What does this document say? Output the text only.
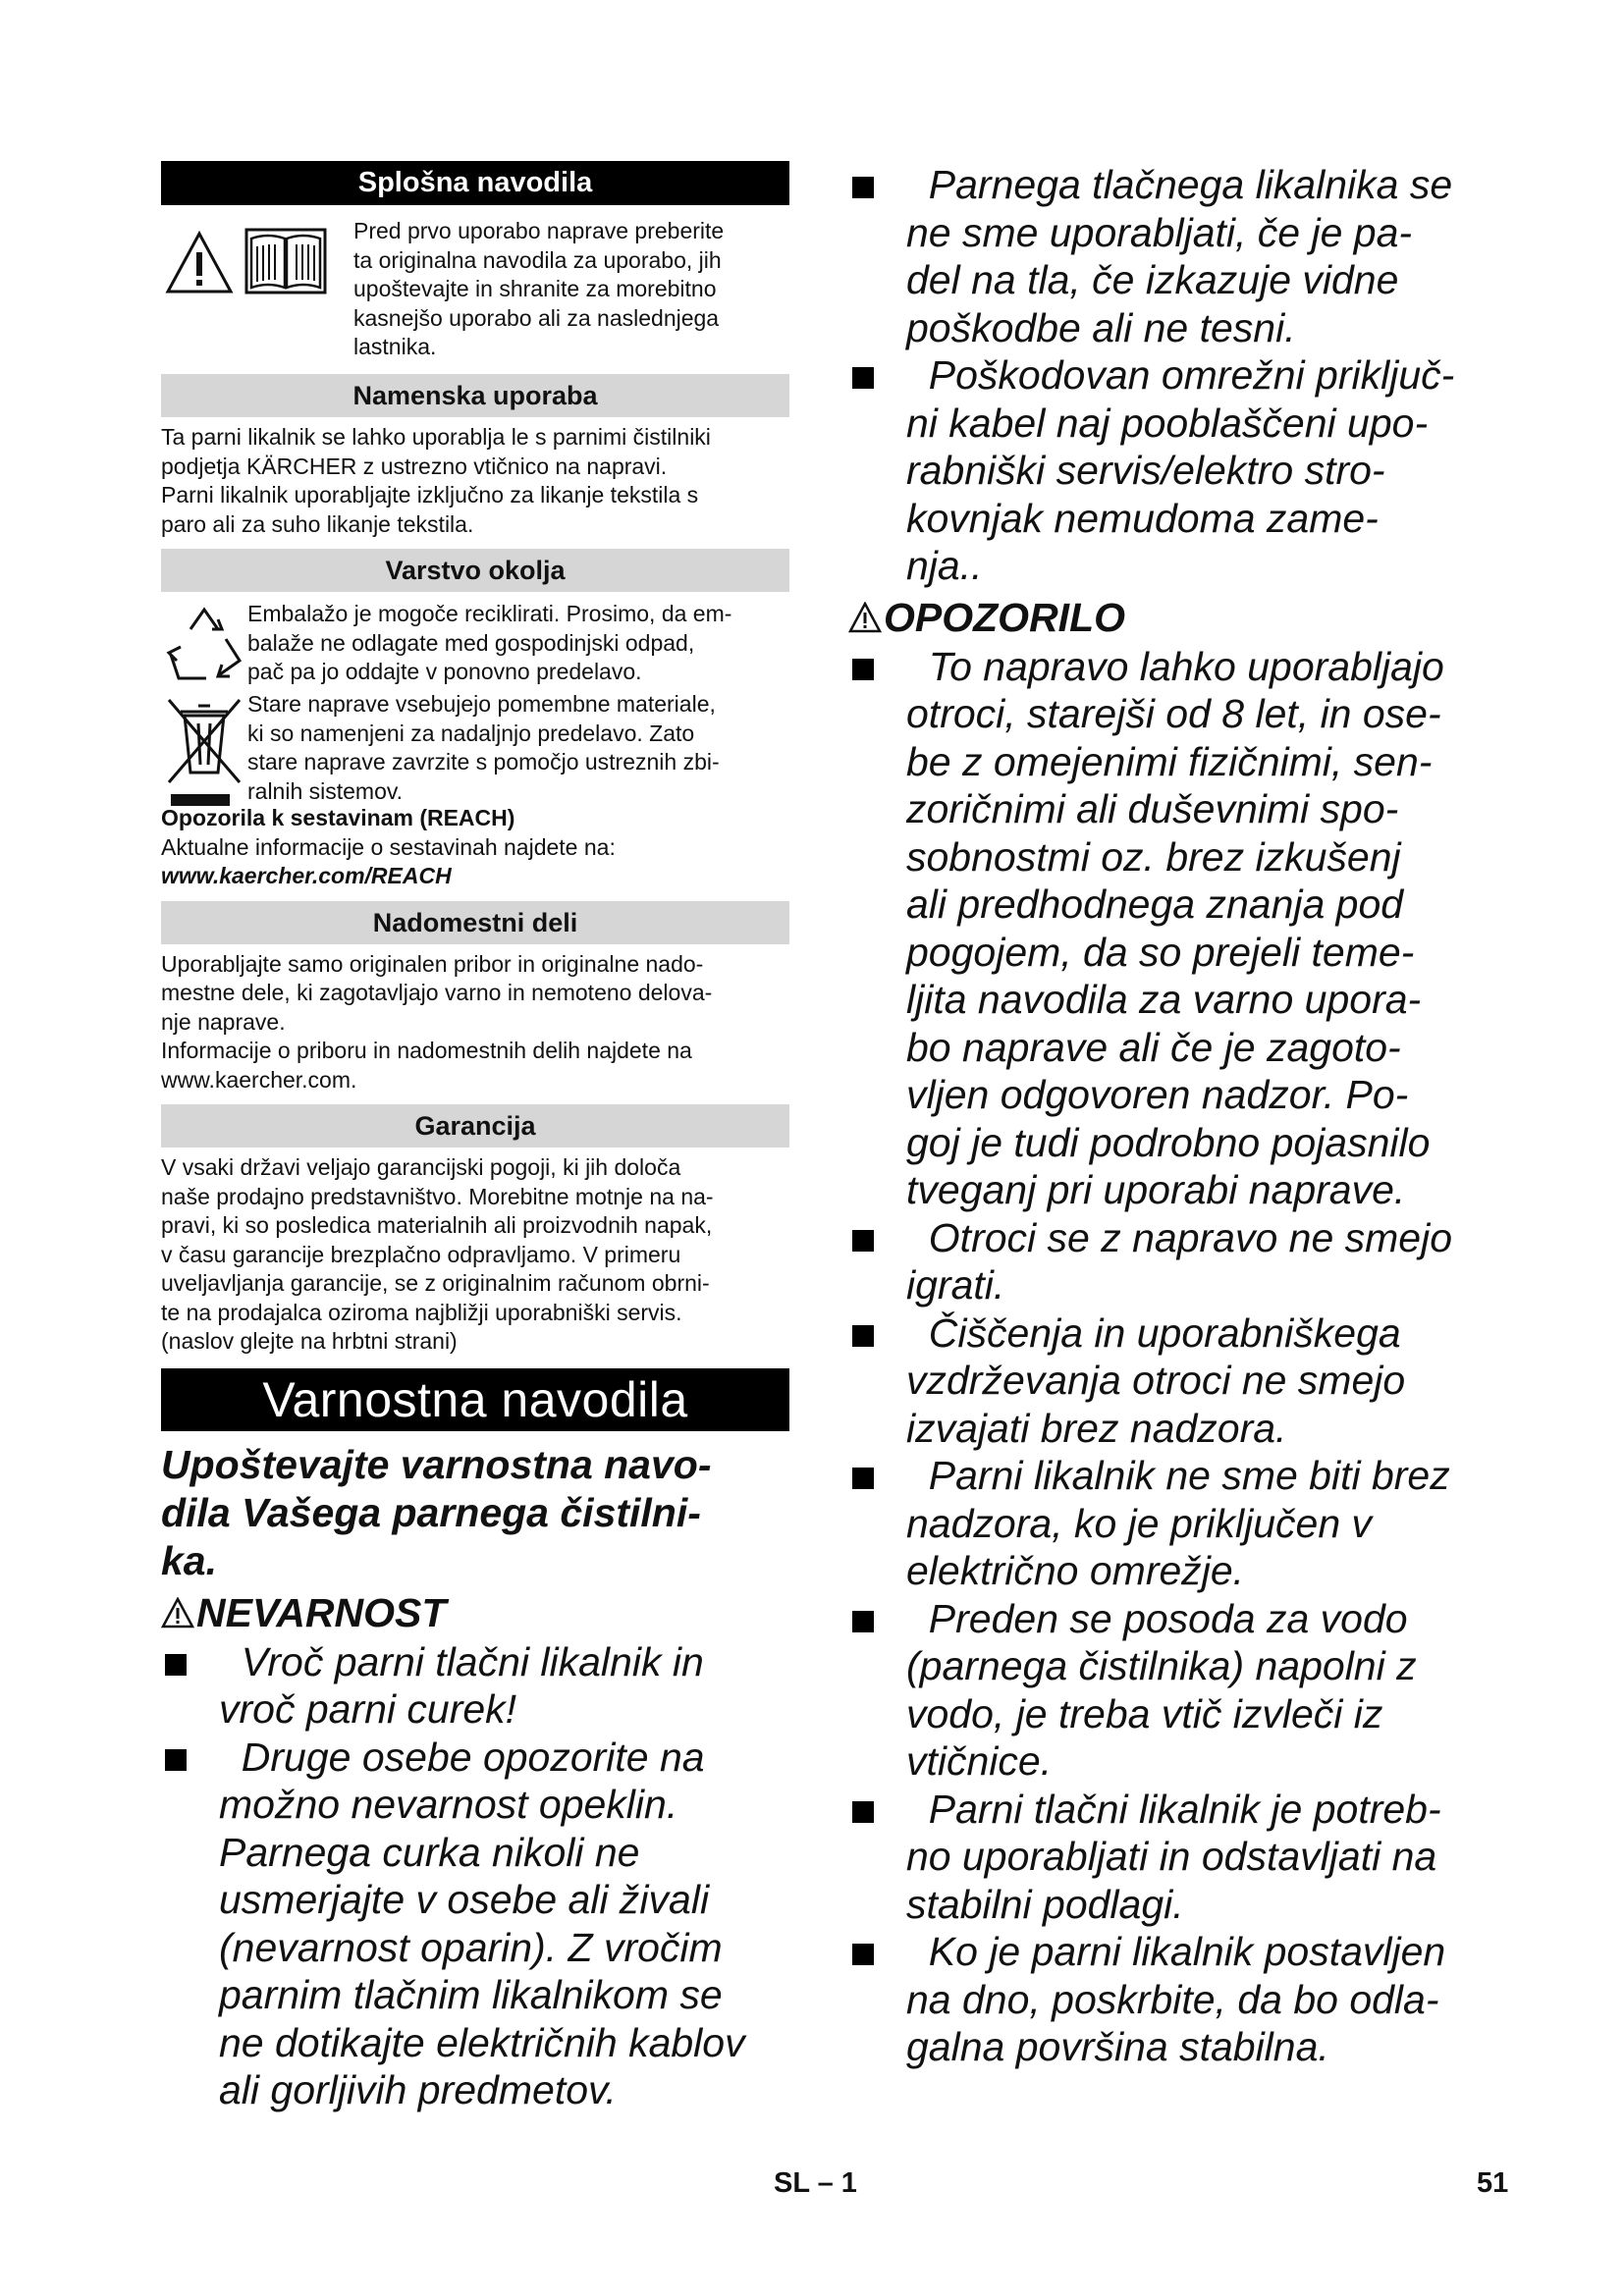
Splošna navodila

Pred prvo uporabo naprave preberite
ta originalna navodila za uporabo, jih
upoštevajte in shranite za morebitno
kasnejšo uporabo ali za naslednjega
lastnika.

Namenska uporaba

Ta parni likalnik se lahko uporablja le s parnimi čistilniki
podjetja KÄRCHER z ustrezno vtičnico na napravi.
Parni likalnik uporabljajte izključno za likanje tekstila s
paro ali za suho likanje tekstila.

Varstvo okolja

Embalažo je mogoče reciklirati. Prosimo, da em-
balaže ne odlagate med gospodinjski odpad,
pač pa jo oddajte v ponovno predelavo.

Stare naprave vsebujejo pomembne materiale,
ki so namenjeni za nadaljnjo predelavo. Zato
stare naprave zavrzite s pomočjo ustreznih zbi-
ralnih sistemov.

Opozorila k sestavinam (REACH)

Aktualne informacije o sestavinah najdete na:

www.kaercher.com/REACH

Nadomestni deli

Uporabljajte samo originalen pribor in originalne nado-
mestne dele, ki zagotavljajo varno in nemoteno delova-
nje naprave.
Informacije o priboru in nadomestnih delih najdete na
www.kaercher.com.

Garancija

V vsaki državi veljajo garancijski pogoji, ki jih določa
naše prodajno predstavništvo. Morebitne motnje na na-
pravi, ki so posledica materialnih ali proizvodnih napak,
v času garancije brezplačno odpravljamo. V primeru
uveljavljanja garancije, se z originalnim računom obrni-
te na prodajalca oziroma najbližji uporabniški servis.
(naslov glejte na hrbtni strani)

Varnostna navodila

Upoštevajte varnostna navo-
dila Vašega parnega čistilni-
ka.

NEVARNOST
Vroč parni tlačni likalnik in
vroč parni curek!
Druge osebe opozorite na
možno nevarnost opeklin.
Parnega curka nikoli ne
usmerjajte v osebe ali živali
(nevarnost oparin). Z vročim
parnim tlačnim likalnikom se
ne dotikajte električnih kablov
ali gorljivih predmetov.
Parnega tlačnega likalnika se
ne sme uporabljati, če je pa-
del na tla, če izkazuje vidne
poškodbe ali ne tesni.
Poškodovan omrežni priključ-
ni kabel naj pooblaščeni upo-
rabniški servis/elektro stro-
kovnjak nemudoma zame-
nja..
OPOZORILO
To napravo lahko uporabljajo
otroci, starejši od 8 let, in ose-
be z omejenimi fizičnimi, sen-
zoričnimi ali duševnimi spo-
sobnostmi oz. brez izkušenj
ali predhodnega znanja pod
pogojem, da so prejeli teme-
ljita navodila za varno upora-
bo naprave ali če je zagoto-
vljen odgovoren nadzor. Po-
goj je tudi podrobno pojasnilo
tveganj pri uporabi naprave.
Otroci se z napravo ne smejo
igrati.
Čiščenja in uporabniškega
vzdrževanja otroci ne smejo
izvajati brez nadzora.
Parni likalnik ne sme biti brez
nadzora, ko je priključen v
električno omrežje.
Preden se posoda za vodo
(parnega čistilnika) napolni z
vodo, je treba vtič izvleči iz
vtičnice.
Parni tlačni likalnik je potreb-
no uporabljati in odstavljati na
stabilni podlagi.
Ko je parni likalnik postavljen
na dno, poskrbite, da bo odla-
galna površina stabilna.
SL – 1	51
